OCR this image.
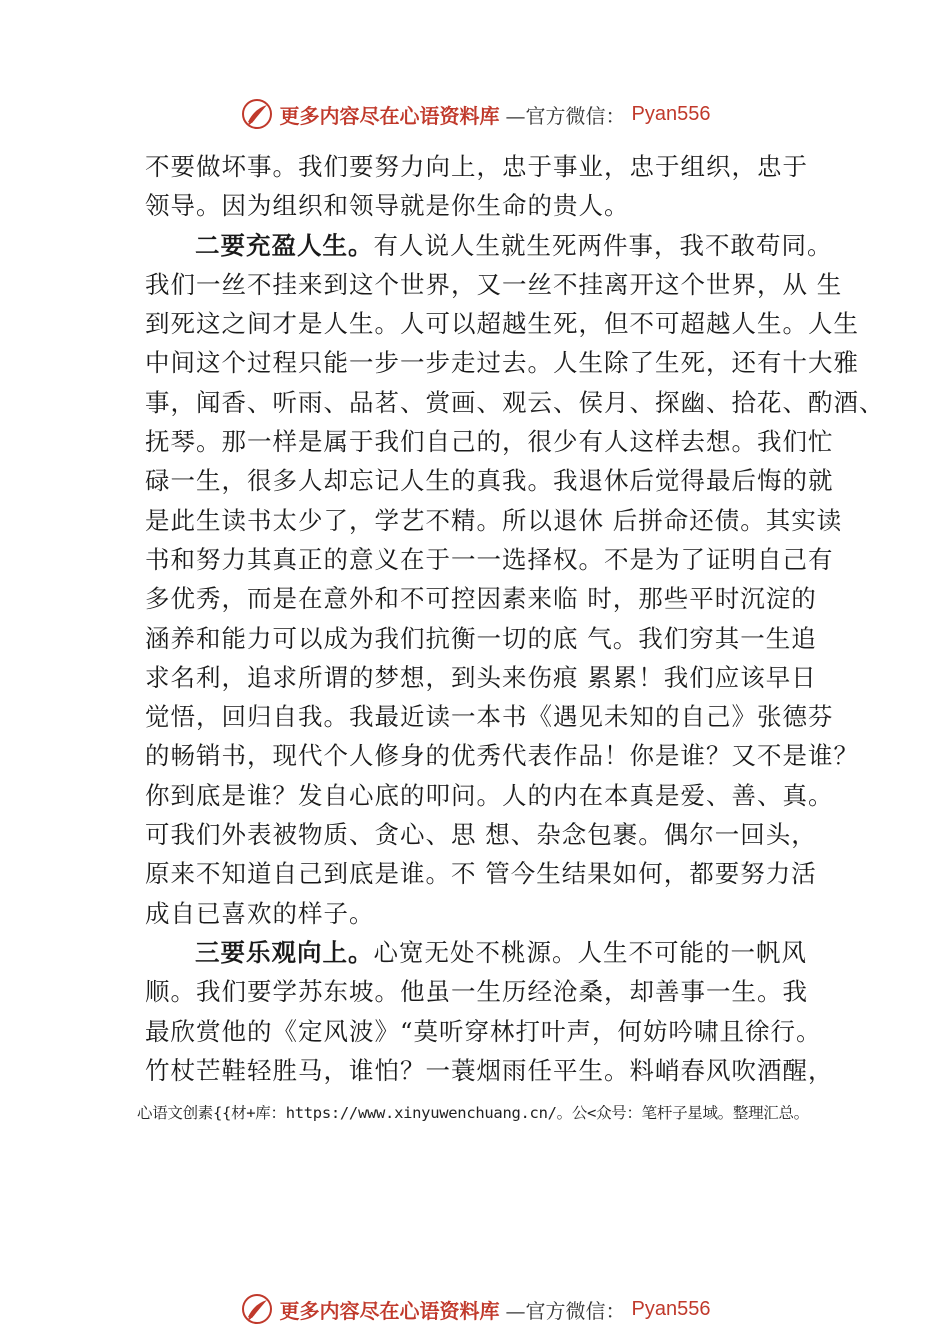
更多内容尽在心语资料库 —官方微信： Pyan556
不要做坏事。我们要努力向上，忠于事业，忠于组织，忠于
领导。因为组织和领导就是你生命的贵人。
二要充盈人生。有人说人生就生死两件事，我不敢苟同。
我们一丝不挂来到这个世界，又一丝不挂离开这个世界，从 生
到死这之间才是人生。人可以超越生死，但不可超越人生。人生
中间这个过程只能一步一步走过去。人生除了生死，还有十大雅
事，闻香、听雨、品茗、赏画、观云、侯月、探幽、拾花、酌酒、
抚琴。那一样是属于我们自己的，很少有人这样去想。我们忙
碌一生，很多人却忘记人生的真我。我退休后觉得最后悔的就
是此生读书太少了，学艺不精。所以退休 后拼命还债。其实读
书和努力其真正的意义在于一一选择权。不是为了证明自己有
多优秀，而是在意外和不可控因素来临 时，那些平时沉淀的
涵养和能力可以成为我们抗衡一切的底 气。我们穷其一生追
求名利，追求所谓的梦想，到头来伤痕 累累！我们应该早日
觉悟，回归自我。我最近读一本书《遇见未知的自己》张德芬
的畅销书，现代个人修身的优秀代表作品！你是谁？又不是谁？
你到底是谁？发自心底的叩问。人的内在本真是爱、善、真。
可我们外表被物质、贪心、思 想、杂念包裹。偶尔一回头，
原来不知道自己到底是谁。不 管今生结果如何，都要努力活
成自已喜欢的样子。
三要乐观向上。心宽无处不桃源。人生不可能的一帆风
顺。我们要学苏东坡。他虽一生历经沧桑，却善事一生。我
最欣赏他的《定风波》“莫听穿林打叶声，何妨吟啸且徐行。
竹杖芒鞋轻胜马，谁怕？一蓑烟雨任平生。料峭春风吹酒醒，
心语文创素{{材+库：https://www.xinyuwenchuang.cn/。公<众号：笔杆子星域。整理汇总。
更多内容尽在心语资料库 —官方微信： Pyan556
